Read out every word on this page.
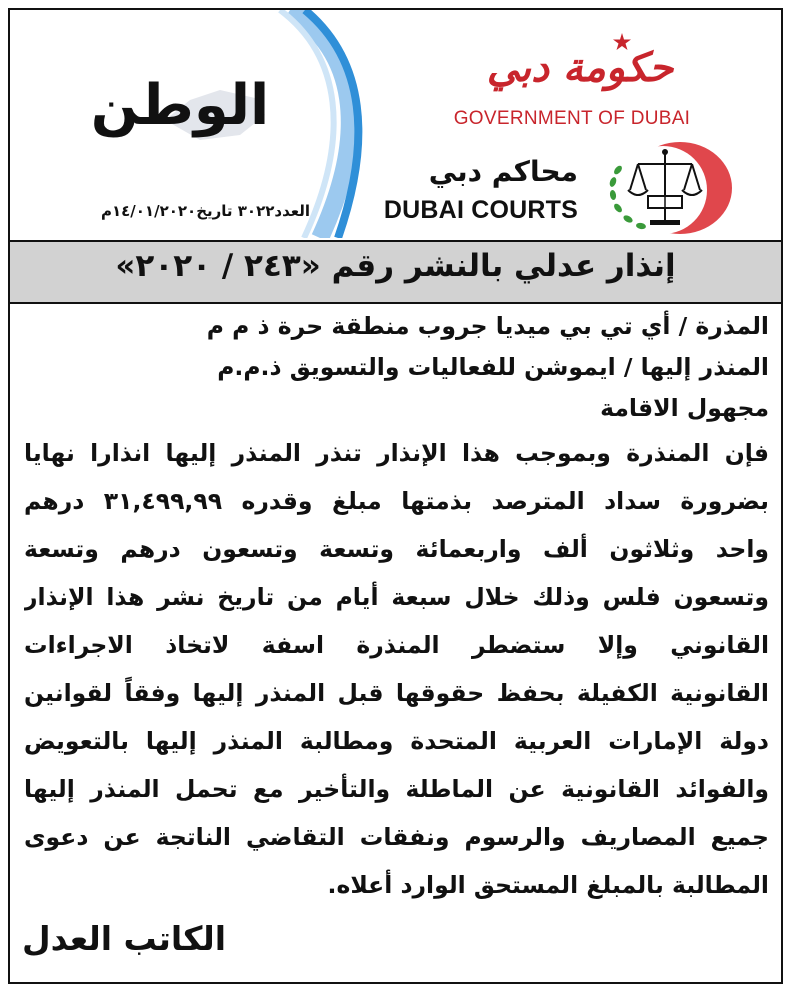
الوطن
العدد٣٠٢٢ تاريخ١٤/٠١/٢٠٢٠م
حكومة دبي
GOVERNMENT OF DUBAI
محاكم دبي
DUBAI COURTS
إنذار عدلي بالنشر رقم «٢٤٣ / ٢٠٢٠»
المذرة / أي تي بي ميديا جروب منطقة حرة ذ م م
المنذر إليها / ايموشن للفعاليات والتسويق ذ.م.م
مجهول الاقامة
فإن المنذرة وبموجب هذا الإنذار تنذر المنذر إليها انذارا نهايا
بضرورة سداد المترصد بذمتها مبلغ وقدره ٣١,٤٩٩,٩٩ درهم
واحد وثلاثون ألف واربعمائة وتسعة وتسعون درهم وتسعة
وتسعون فلس وذلك خلال سبعة أيام من تاريخ نشر هذا الإنذار
القانوني وإلا ستضطر المنذرة اسفة لاتخاذ الاجراءات
القانونية الكفيلة بحفظ حقوقها قبل المنذر إليها وفقاً لقوانين
دولة الإمارات العربية المتحدة ومطالبة المنذر إليها بالتعويض
والفوائد القانونية عن الماطلة والتأخير مع تحمل المنذر إليها
جميع المصاريف والرسوم ونفقات التقاضي الناتجة عن دعوى
المطالبة بالمبلغ المستحق الوارد أعلاه.
الكاتب العدل
